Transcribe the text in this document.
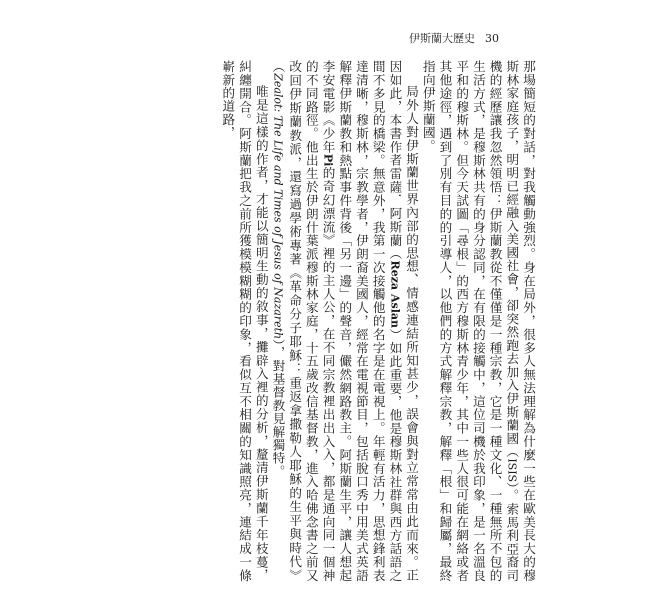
伊斯蘭大歷史 30

那場簡短的對話，對我觸動強烈。身在局外，很多人無法理解為什麼一些在歐美長大的穆斯林家庭孩子，明明已經融入美國社會，卻突然跑去加入伊斯蘭國（ISIS）。索馬利亞裔司機的經歷讓我忽然領悟：伊斯蘭教從不僅僅是一種宗教，它是一種文化、一種無所不包的生活方式，是穆斯林共有的身分認同，在有限的接觸中，這位司機於我印象，是一名溫良平和的穆斯林。但今天試圖「尋根」的西方穆斯林青少年，其中一些人很可能在網絡或者其他途徑，遇到了別有目的的引導人，以他們的方式解釋宗教，解釋「根」和歸屬，最終指向伊斯蘭國。

局外人對伊斯蘭世界內部的思想、情感連結所知甚少，誤會與對立常常由此而來。正因如此，本書作者雷薩．阿斯蘭（Reza Aslan）如此重要，他是穆斯林社群與西方話語之間不多見的橋梁。無意外，我第一次接觸他的名字是在電視上。年輕有活力，思想鋒利表達清晰，穆斯林，宗教學者，伊朗裔美國人，經常在電視節目，包括脫口秀中用美式英語解釋伊斯蘭教和熱點事件背後「另一邊」的聲音，儼然網路教主。阿斯蘭生平，讓人想起李安電影《少年Pi的奇幻漂流》裡的主人公，在不同宗教裡出出入入，都是通向同一個神的不同路徑。他出生於伊朗什葉派穆斯林家庭，十五歲改信基督教，進入哈佛念書之前又改回伊斯蘭教派，還寫過學術專著《革命分子耶穌：重返拿撒勒人耶穌的生平與時代》（Zealot: The Life and Times of Jesus of Nazareth），對基督教見解獨特。

唯是這樣的作者，才能以簡明生動的敘事，攤辟入裡的分析，釐清伊斯蘭千年枝蔓，糾纏開合。阿斯蘭把我之前所獲模模糊糊的印象，看似互不相關的知識照亮，連結成一條嶄新的道路，
